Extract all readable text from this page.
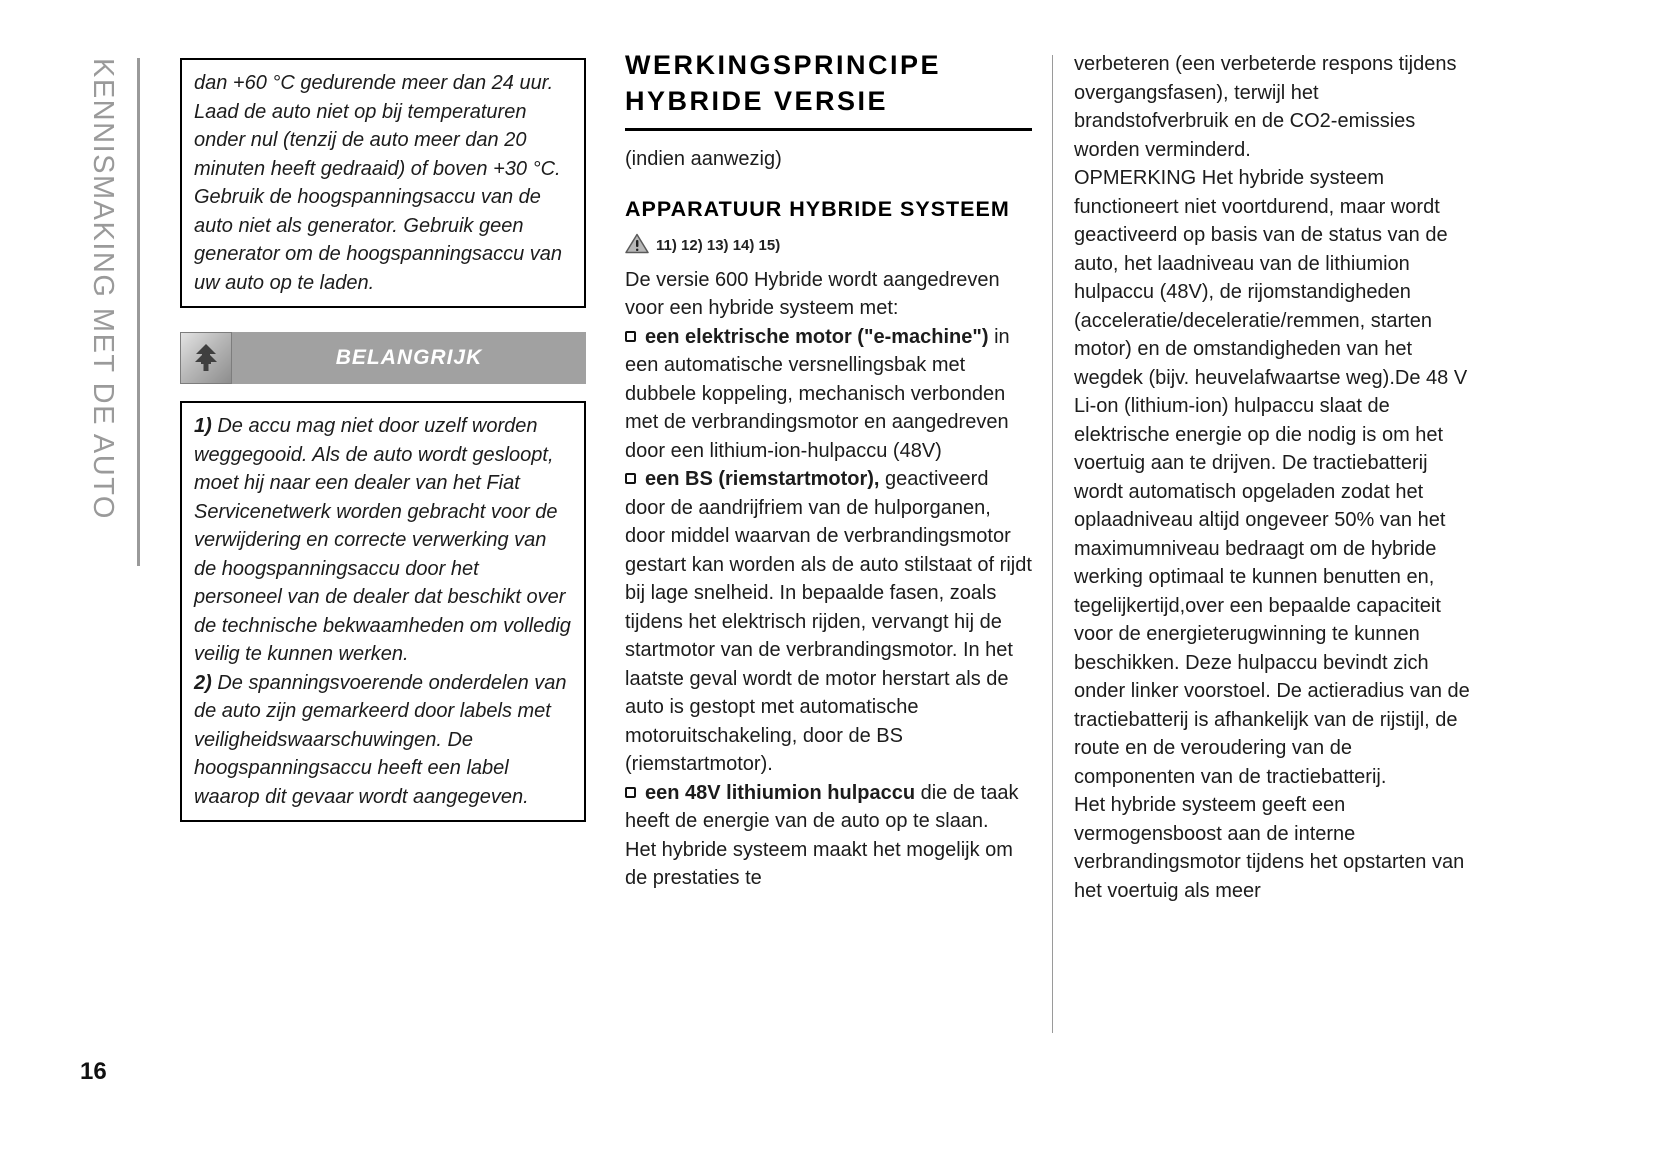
KENNISMAKING MET DE AUTO
16

dan +60 °C gedurende meer dan 24 uur. Laad de auto niet op bij temperaturen onder nul (tenzij de auto meer dan 20 minuten heeft gedraaid) of boven +30 °C. Gebruik de hoogspanningsaccu van de auto niet als generator. Gebruik geen generator om de hoogspanningsaccu van uw auto op te laden.

BELANGRIJK

1) De accu mag niet door uzelf worden weggegooid. Als de auto wordt gesloopt, moet hij naar een dealer van het Fiat Servicenetwerk worden gebracht voor de verwijdering en correcte verwerking van de hoogspanningsaccu door het personeel van de dealer dat beschikt over de technische bekwaamheden om volledig veilig te kunnen werken.

2) De spanningsvoerende onderdelen van de auto zijn gemarkeerd door labels met veiligheidswaarschuwingen. De hoogspanningsaccu heeft een label waarop dit gevaar wordt aangegeven.

WERKINGSPRINCIPE HYBRIDE VERSIE

(indien aanwezig)

APPARATUUR HYBRIDE SYSTEEM
11) 12) 13) 14) 15)

De versie 600 Hybride wordt aangedreven voor een hybride systeem met:

een elektrische motor ("e-machine") in een automatische versnellingsbak met dubbele koppeling, mechanisch verbonden met de verbrandingsmotor en aangedreven door een lithium-ion-hulpaccu (48V)

een BS (riemstartmotor), geactiveerd door de aandrijfriem van de hulporganen, door middel waarvan de verbrandingsmotor gestart kan worden als de auto stilstaat of rijdt bij lage snelheid. In bepaalde fasen, zoals tijdens het elektrisch rijden, vervangt hij de startmotor van de verbrandingsmotor. In het laatste geval wordt de motor herstart als de auto is gestopt met automatische motoruitschakeling, door de BS (riemstartmotor).

een 48V lithiumion hulpaccu die de taak heeft de energie van de auto op te slaan.

Het hybride systeem maakt het mogelijk om de prestaties te

verbeteren (een verbeterde respons tijdens overgangsfasen), terwijl het brandstofverbruik en de CO2-emissies worden verminderd.

OPMERKING Het hybride systeem functioneert niet voortdurend, maar wordt geactiveerd op basis van de status van de auto, het laadniveau van de lithiumion hulpaccu (48V), de rijomstandigheden (acceleratie/deceleratie/remmen, starten motor) en de omstandigheden van het wegdek (bijv. heuvelafwaartse weg).De 48 V Li-on (lithium-ion) hulpaccu slaat de elektrische energie op die nodig is om het voertuig aan te drijven. De tractiebatterij wordt automatisch opgeladen zodat het oplaadniveau altijd ongeveer 50% van het maximumniveau bedraagt om de hybride werking optimaal te kunnen benutten en, tegelijkertijd,over een bepaalde capaciteit voor de energieterugwinning te kunnen beschikken. Deze hulpaccu bevindt zich onder linker voorstoel. De actieradius van de tractiebatterij is afhankelijk van de rijstijl, de route en de veroudering van de componenten van de tractiebatterij.

Het hybride systeem geeft een vermogensboost aan de interne verbrandingsmotor tijdens het opstarten van het voertuig als meer
